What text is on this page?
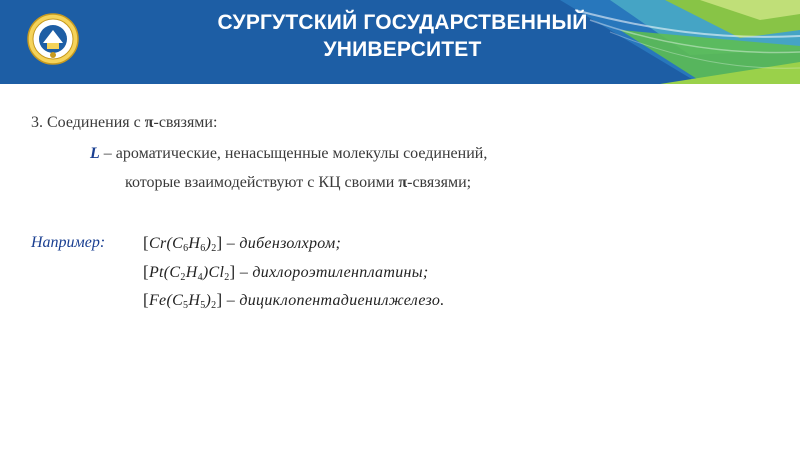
СУРГУТСКИЙ ГОСУДАРСТВЕННЫЙ
УНИВЕРСИТЕТ
3. Соединения с π-связями:
L – ароматические, ненасыщенные молекулы соединений,
которые взаимодействуют с КЦ своими π-связями;
Например: $[Cr(C_6H_6)_2]$ – дибензолхром;
$[Pt(C_2H_4)Cl_2]$ – дихлороэтиленплатины;
$[Fe(C_5H_5)_2]$ – дициклопентадиенилжелезо.
